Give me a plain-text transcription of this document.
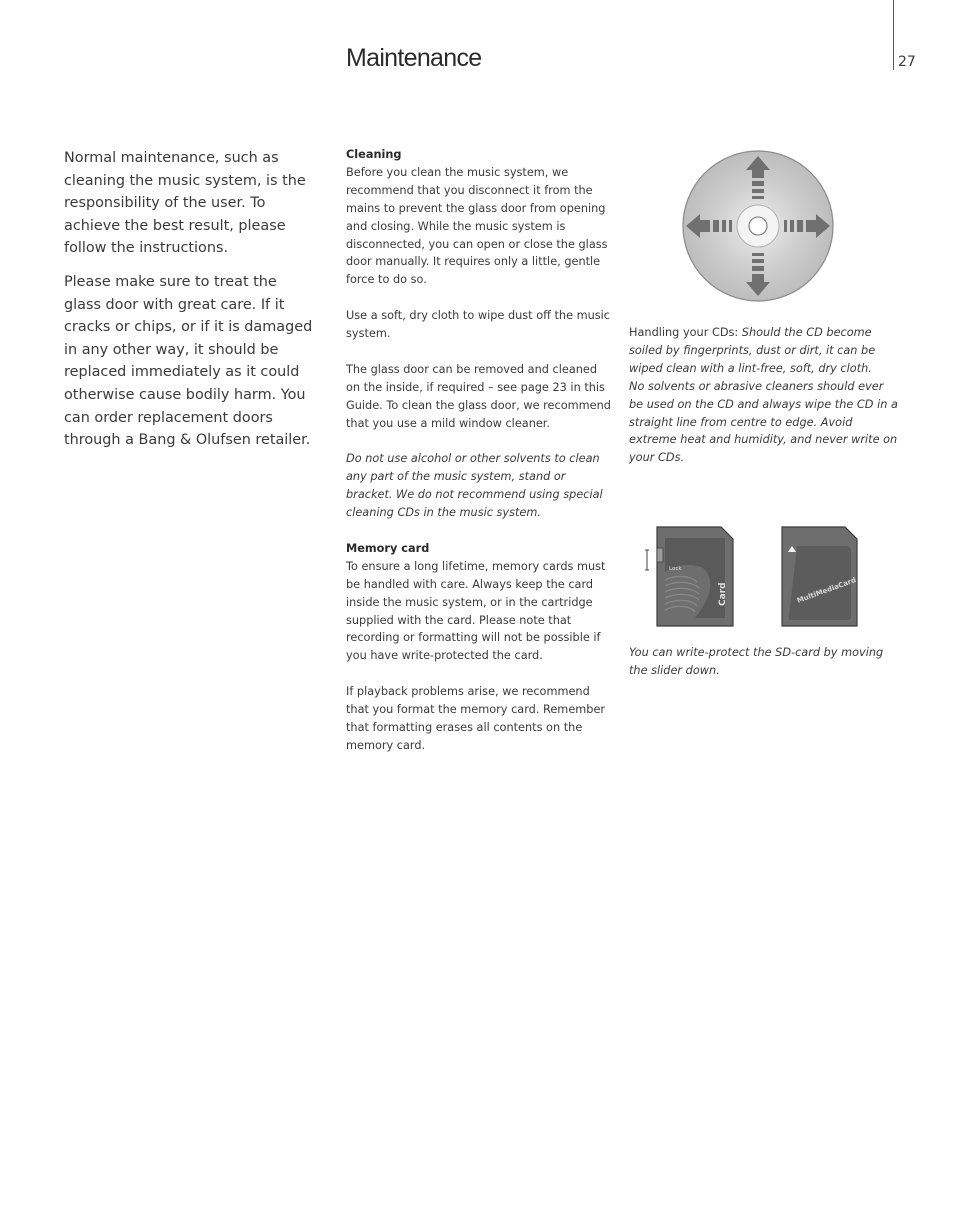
Maintenance	27

Normal maintenance, such as cleaning the music system, is the responsibility of the user. To achieve the best result, please follow the instructions.

Please make sure to treat the glass door with great care. If it cracks or chips, or if it is damaged in any other way, it should be replaced immediately as it could otherwise cause bodily harm. You can order replacement doors through a Bang & Olufsen retailer.

Cleaning
Before you clean the music system, we recommend that you disconnect it from the mains to prevent the glass door from opening and closing. While the music system is disconnected, you can open or close the glass door manually. It requires only a little, gentle force to do so.

Use a soft, dry cloth to wipe dust off the music system.

The glass door can be removed and cleaned on the inside, if required – see page 23 in this Guide. To clean the glass door, we recommend that you use a mild window cleaner.

Do not use alcohol or other solvents to clean any part of the music system, stand or bracket. We do not recommend using special cleaning CDs in the music system.

Memory card
To ensure a long lifetime, memory cards must be handled with care. Always keep the card inside the music system, or in the cartridge supplied with the card. Please note that recording or formatting will not be possible if you have write-protected the card.

If playback problems arise, we recommend that you format the memory card. Remember that formatting erases all contents on the memory card.

Handling your CDs: Should the CD become soiled by fingerprints, dust or dirt, it can be wiped clean with a lint-free, soft, dry cloth.
No solvents or abrasive cleaners should ever be used on the CD and always wipe the CD in a straight line from centre to edge. Avoid extreme heat and humidity, and never write on your CDs.
Lock
Card	MultiMediaCard
You can write-protect the SD-card by moving the slider down.
